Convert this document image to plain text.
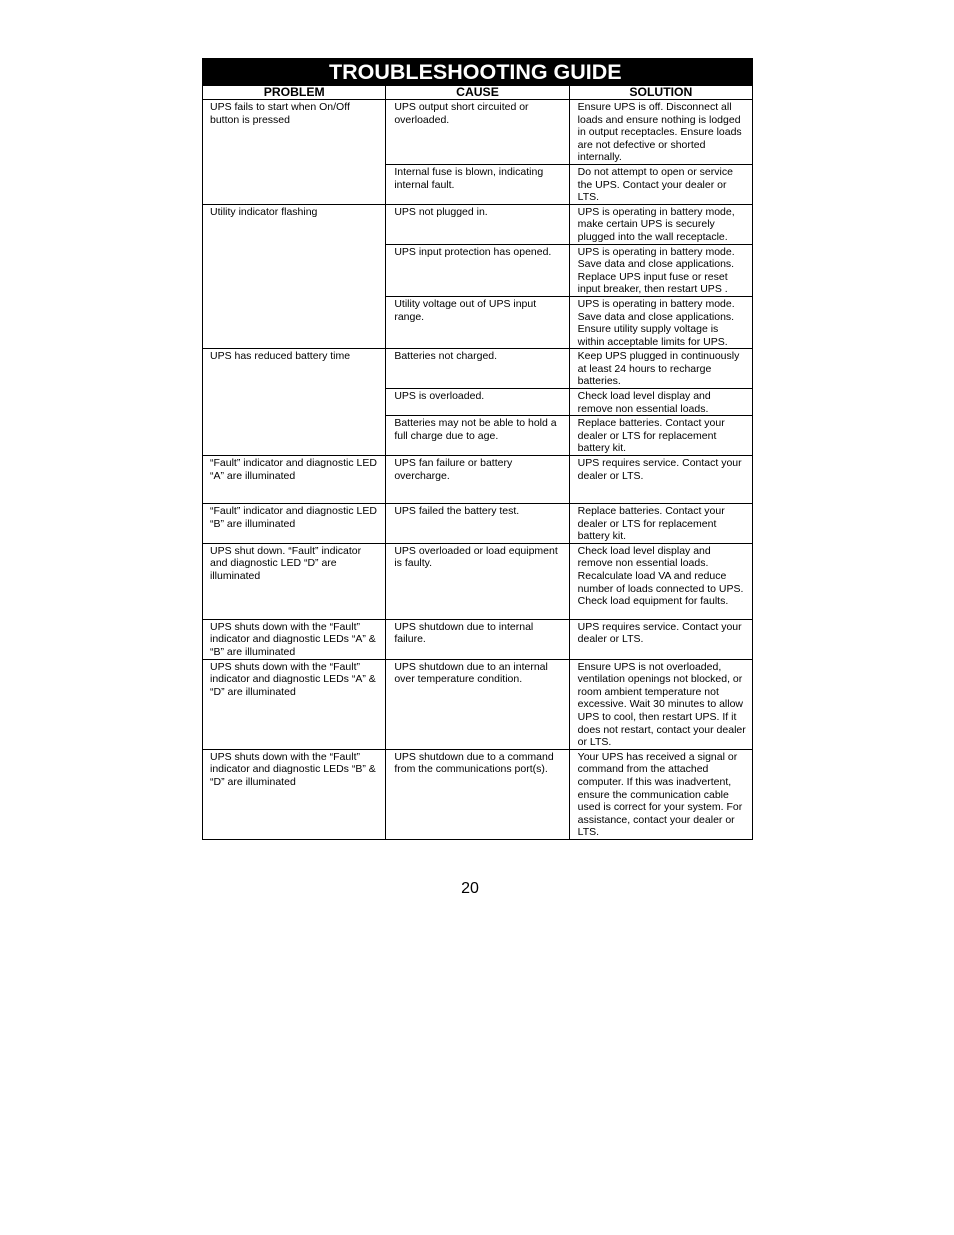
TROUBLESHOOTING GUIDE		
PROBLEM	CAUSE	SOLUTION
UPS fails to start when On/Off button is pressed	UPS output short circuited or overloaded.	Ensure UPS is off. Disconnect all loads and ensure nothing is lodged in output receptacles. Ensure loads are not defective or shorted internally.
	Internal fuse is blown, indicating internal fault.	Do not attempt to open or service the UPS. Contact your dealer or LTS.
Utility indicator flashing	UPS not plugged in.	UPS is operating in battery mode, make certain UPS is securely plugged into the wall receptacle.
	UPS input protection has opened.	UPS is operating in battery mode. Save data and close applications. Replace UPS input fuse or reset input breaker, then restart UPS .
	Utility voltage out of UPS input range.	UPS is operating in battery mode. Save data and close applications. Ensure utility supply voltage is within acceptable limits for UPS.
UPS has reduced battery time	Batteries not charged.	Keep UPS plugged in continuously at least 24 hours to recharge batteries.
	UPS is overloaded.	Check load level display and remove non essential loads.
	Batteries may not be able to hold a full charge due to age.	Replace batteries. Contact your dealer or LTS for replacement battery kit.
“Fault” indicator and diagnostic LED “A” are illuminated	UPS fan failure or battery overcharge.	UPS requires service. Contact your dealer or LTS.
“Fault” indicator and diagnostic LED “B” are illuminated	UPS failed the battery test.	Replace batteries. Contact your dealer or LTS for replacement battery kit.
UPS shut down. “Fault” indicator and diagnostic LED “D” are illuminated	UPS overloaded or load equipment is faulty.	Check load level display and remove non essential loads. Recalculate load VA and reduce number of loads connected to UPS. Check load equipment for faults.
UPS shuts down with the “Fault” indicator and diagnostic LEDs “A” & “B” are illuminated	UPS shutdown due to internal failure.	UPS requires service. Contact your dealer or LTS.
UPS shuts down with the “Fault” indicator and diagnostic LEDs “A” & “D” are illuminated	UPS shutdown due to an internal over temperature condition.	Ensure UPS is not overloaded, ventilation openings not blocked, or room ambient temperature not excessive. Wait 30 minutes to allow UPS to cool, then restart UPS. If it does not restart, contact your dealer or LTS.
UPS shuts down with the “Fault” indicator and diagnostic LEDs “B” & “D” are illuminated	UPS shutdown due to a command from the communications port(s).	Your UPS has received a signal or command from the attached computer. If this was inadvertent, ensure the communication cable used is correct for your system. For assistance, contact your dealer or LTS.
20
